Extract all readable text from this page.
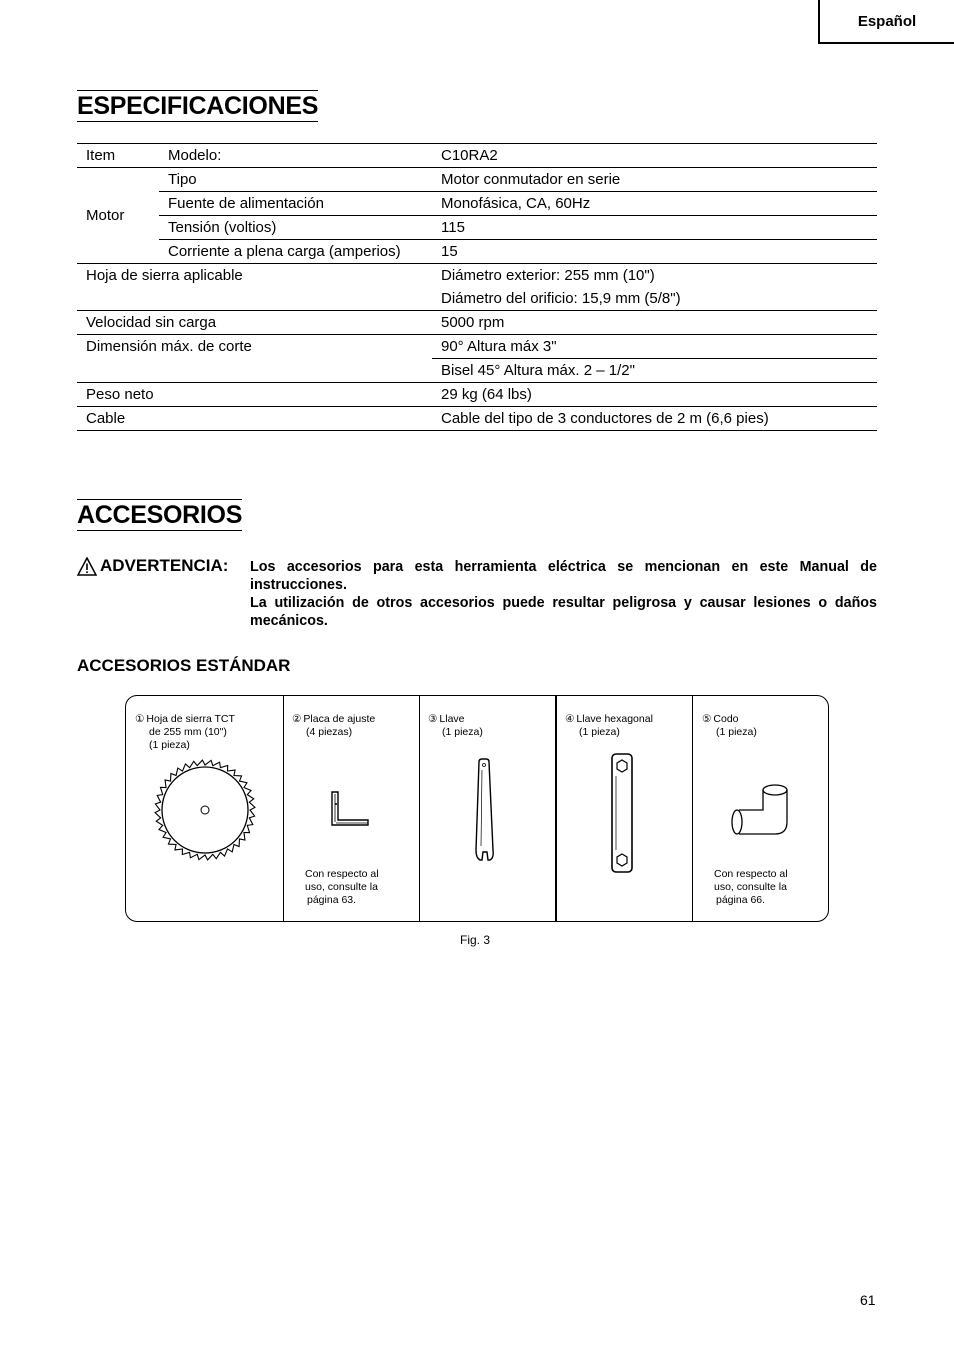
Español
ESPECIFICACIONES
Item	Modelo:	C10RA2
Motor	Tipo	Motor conmutador en serie
	Fuente de alimentación	Monofásica, CA, 60Hz
	Tensión (voltios)	115
	Corriente a plena carga (amperios)	15
Hoja de sierra aplicable		Diámetro exterior: 255 mm (10")
		Diámetro del orificio: 15,9 mm (5/8")
Velocidad sin carga		5000 rpm
Dimensión máx. de corte		90° Altura máx 3"
		Bisel 45° Altura máx. 2 – 1/2"
Peso neto		29 kg (64 lbs)
Cable		Cable del tipo de 3 conductores de 2 m (6,6 pies)
ACCESORIOS
ADVERTENCIA: Los accesorios para esta herramienta eléctrica se mencionan en este Manual de instrucciones.

La utilización de otros accesorios puede resultar peligrosa y causar lesiones o daños mecánicos.

ACCESORIOS ESTÁNDAR
① Hoja de sierra TCT
de 255 mm (10")
(1 pieza)
② Placa de ajuste
(4 piezas)
Con respecto al
uso, consulte la
página 63.
③ Llave
(1 pieza)
④ Llave hexagonal
(1 pieza)
⑤ Codo
(1 pieza)
Con respecto al
uso, consulte la
página 66.
Fig. 3
61
